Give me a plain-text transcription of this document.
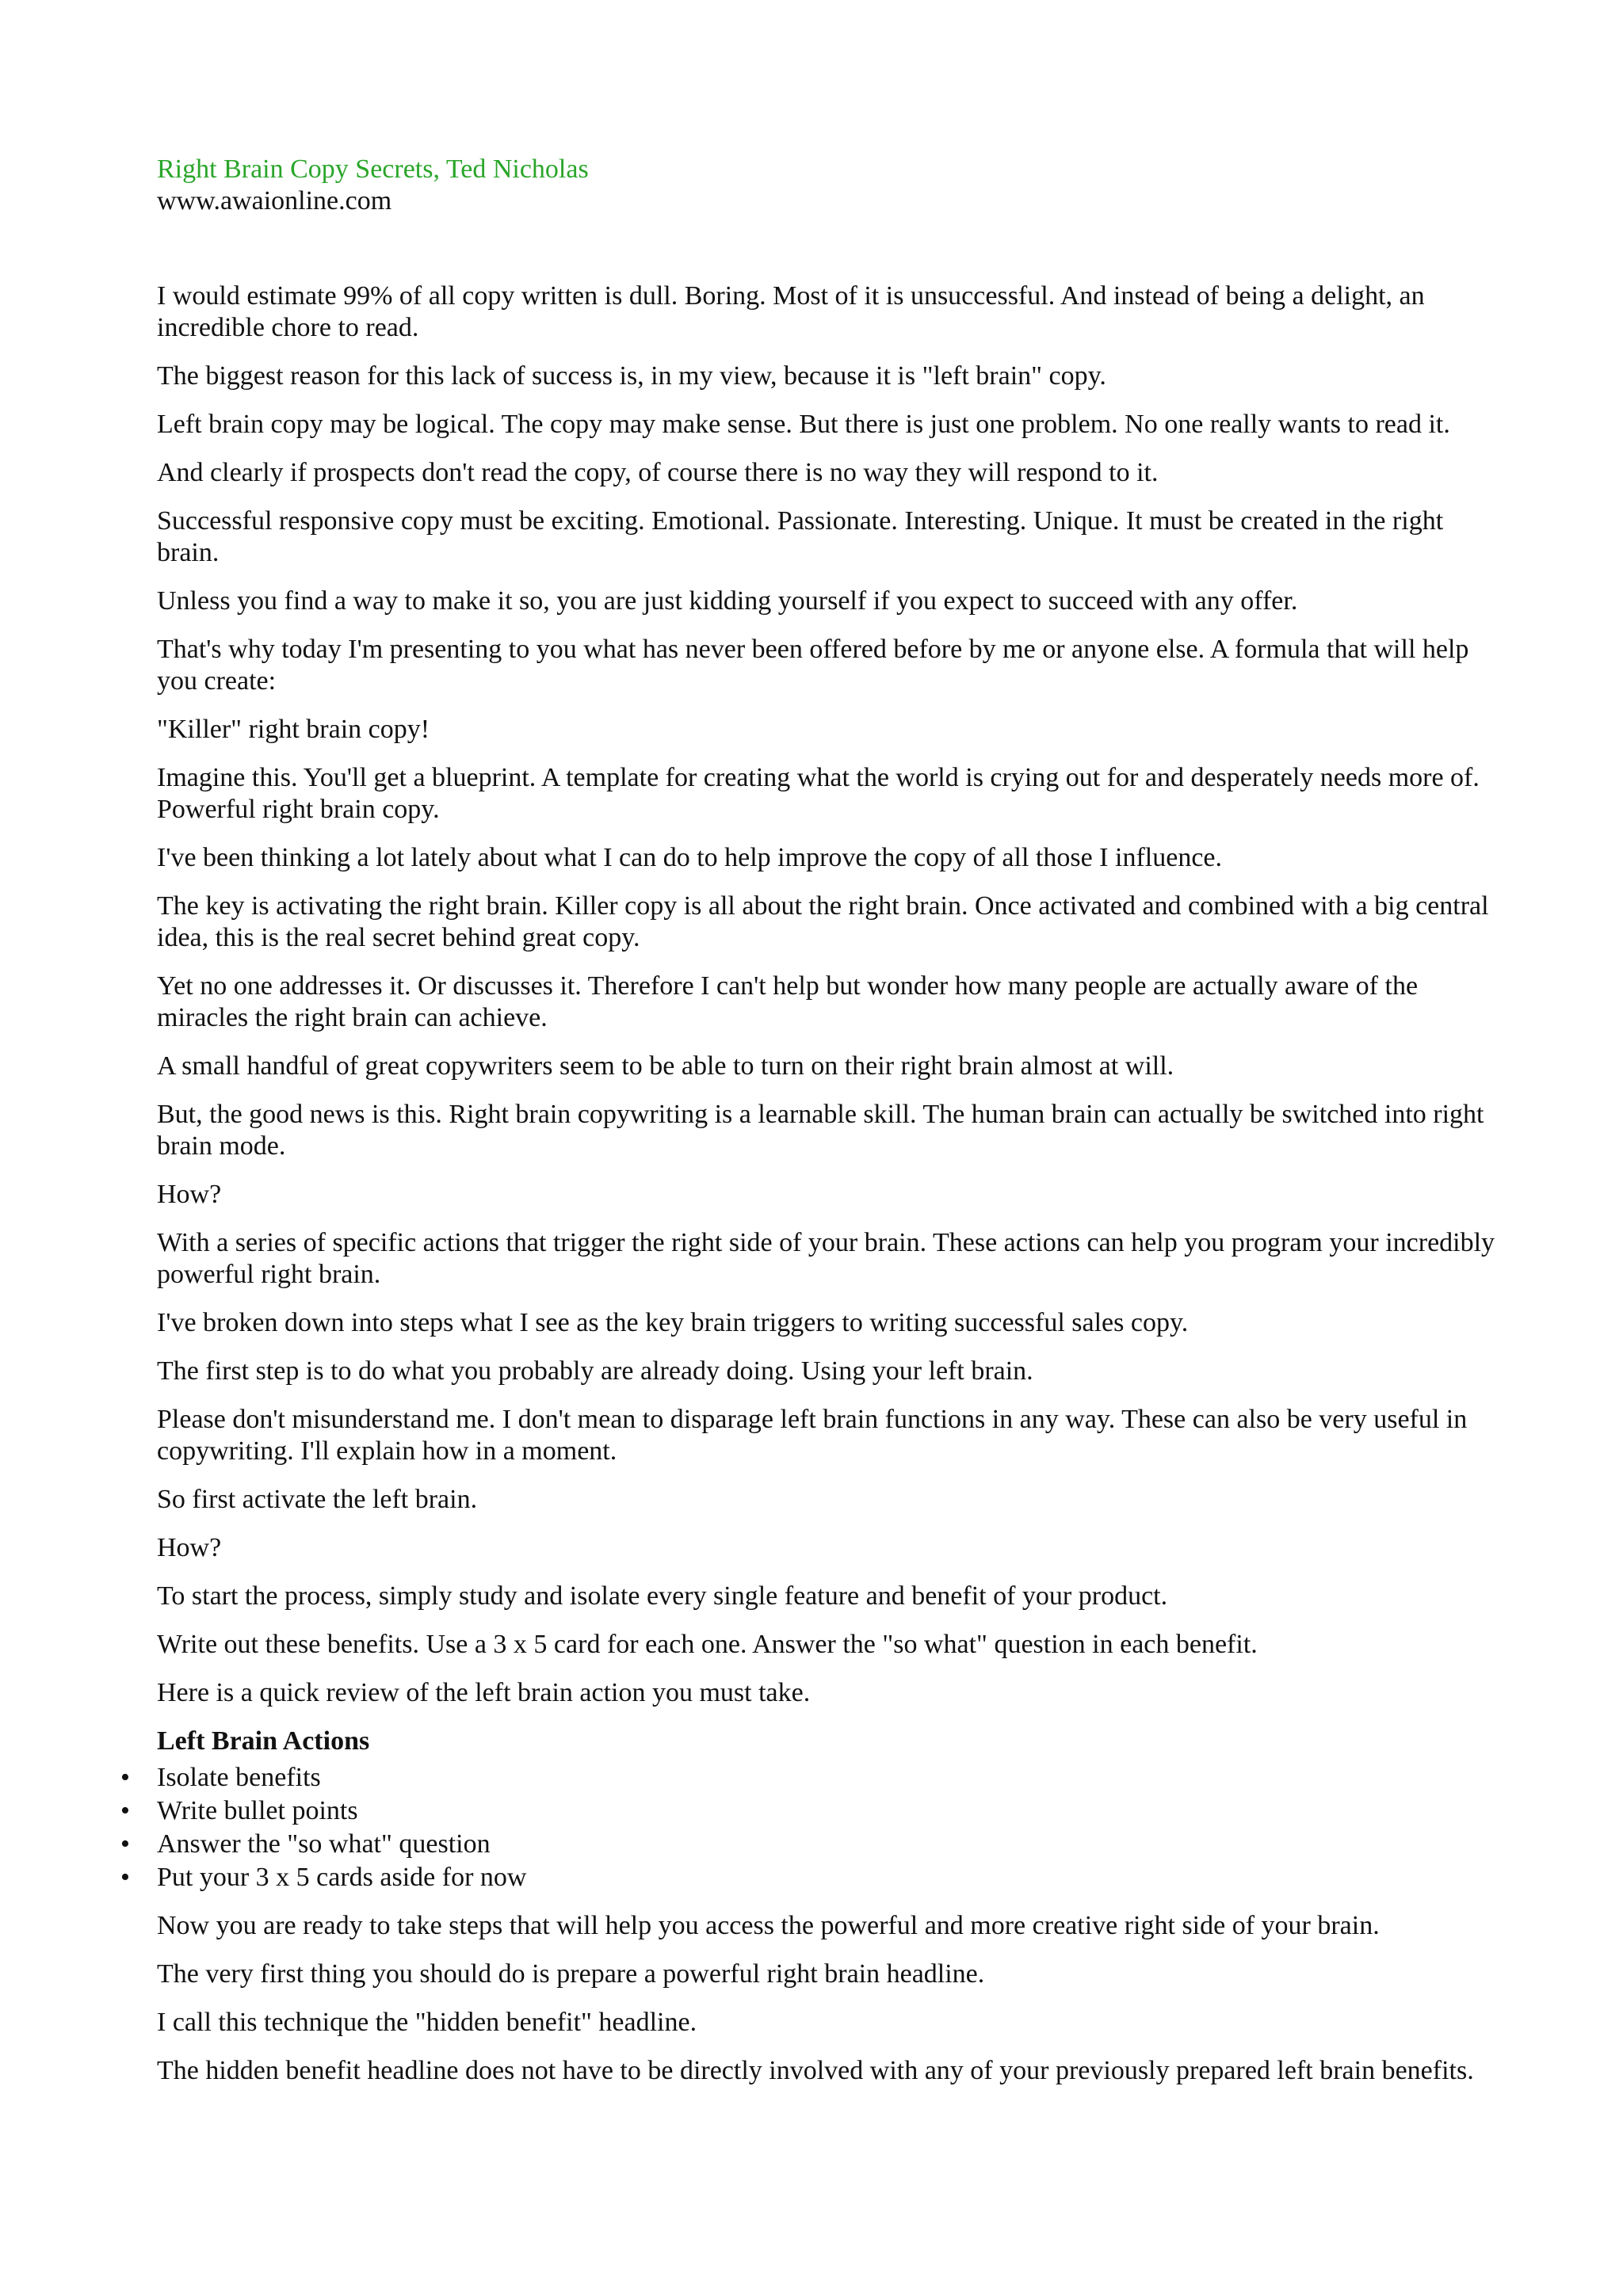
Right Brain Copy Secrets, Ted Nicholas

www.awaionline.com

I would estimate 99% of all copy written is dull. Boring. Most of it is unsuccessful. And instead of being a delight, an incredible chore to read.

The biggest reason for this lack of success is, in my view, because it is "left brain" copy.

Left brain copy may be logical. The copy may make sense. But there is just one problem. No one really wants to read it.

And clearly if prospects don't read the copy, of course there is no way they will respond to it.

Successful responsive copy must be exciting. Emotional. Passionate. Interesting. Unique. It must be created in the right brain.

Unless you find a way to make it so, you are just kidding yourself if you expect to succeed with any offer.

That's why today I'm presenting to you what has never been offered before by me or anyone else. A formula that will help you create:

"Killer" right brain copy!

Imagine this. You'll get a blueprint. A template for creating what the world is crying out for and desperately needs more of. Powerful right brain copy.

I've been thinking a lot lately about what I can do to help improve the copy of all those I influence.

The key is activating the right brain. Killer copy is all about the right brain. Once activated and combined with a big central idea, this is the real secret behind great copy.

Yet no one addresses it. Or discusses it. Therefore I can't help but wonder how many people are actually aware of the miracles the right brain can achieve.

A small handful of great copywriters seem to be able to turn on their right brain almost at will.

But, the good news is this. Right brain copywriting is a learnable skill. The human brain can actually be switched into right brain mode.

How?

With a series of specific actions that trigger the right side of your brain. These actions can help you program your incredibly powerful right brain.

I've broken down into steps what I see as the key brain triggers to writing successful sales copy.

The first step is to do what you probably are already doing. Using your left brain.

Please don't misunderstand me. I don't mean to disparage left brain functions in any way. These can also be very useful in copywriting. I'll explain how in a moment.

So first activate the left brain.

How?

To start the process, simply study and isolate every single feature and benefit of your product.

Write out these benefits. Use a 3 x 5 card for each one. Answer the "so what" question in each benefit.

Here is a quick review of the left brain action you must take.

Left Brain Actions

• Isolate benefits
• Write bullet points
• Answer the "so what" question
• Put your 3 x 5 cards aside for now

Now you are ready to take steps that will help you access the powerful and more creative right side of your brain.

The very first thing you should do is prepare a powerful right brain headline.

I call this technique the "hidden benefit" headline.

The hidden benefit headline does not have to be directly involved with any of your previously prepared left brain benefits.
